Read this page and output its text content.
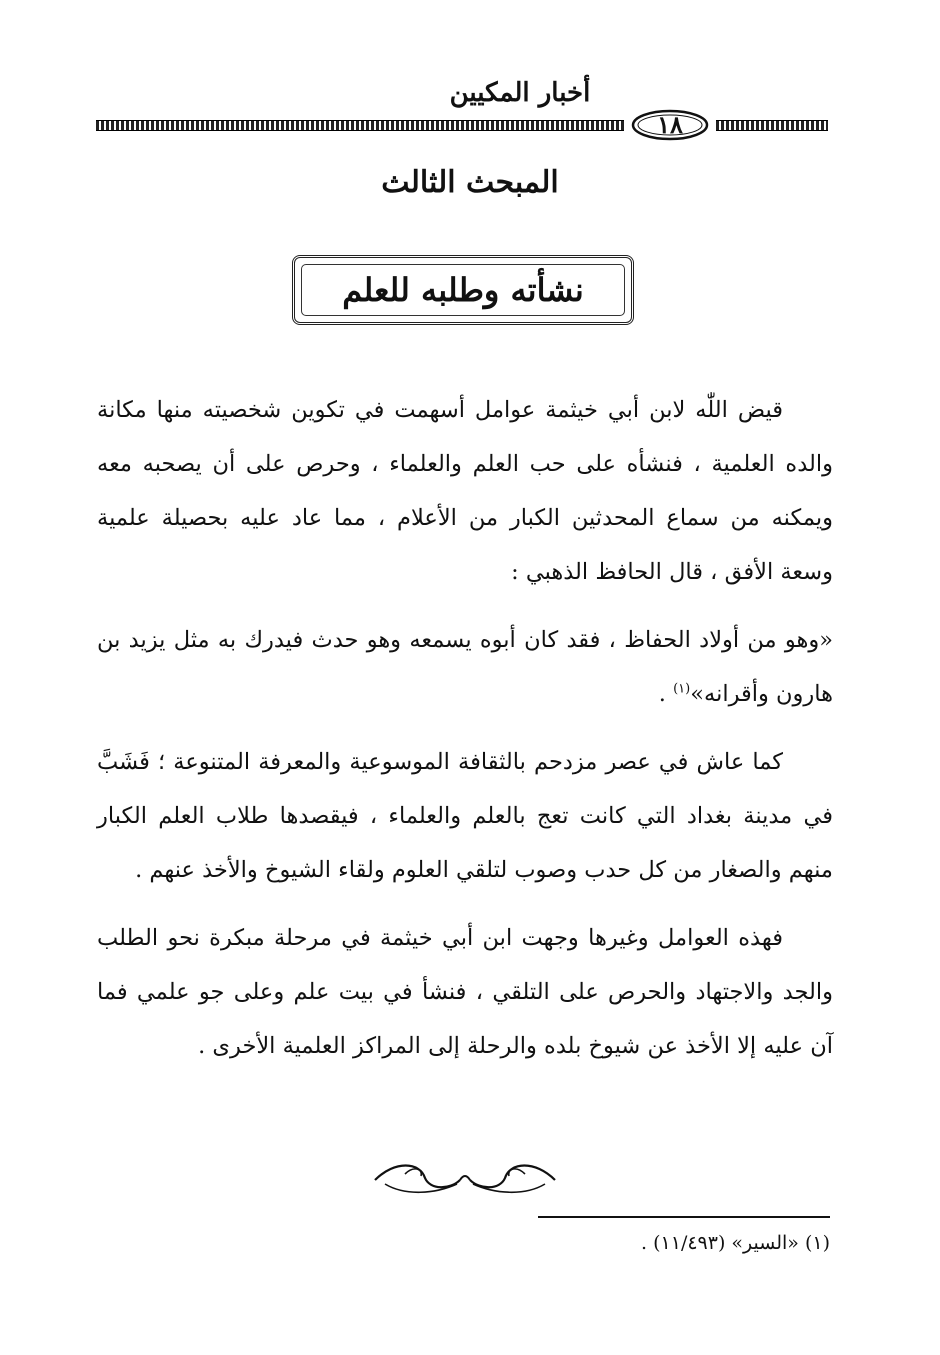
أخبار المكيين
١٨
المبحث الثالث
نشأته وطلبه للعلم

قيض اللّٰه لابن أبي خيثمة عوامل أسهمت في تكوين شخصيته منها مكانة والده العلمية ، فنشأه على حب العلم والعلماء ، وحرص على أن يصحبه معه ويمكنه من سماع المحدثين الكبار من الأعلام ، مما عاد عليه بحصيلة علمية وسعة الأفق ، قال الحافظ الذهبي :

«وهو من أولاد الحفاظ ، فقد كان أبوه يسمعه وهو حدث فيدرك به مثل يزيد بن هارون وأقرانه»$^{(١)}$ .

كما عاش في عصر مزدحم بالثقافة الموسوعية والمعرفة المتنوعة ؛ فَشَبَّ في مدينة بغداد التي كانت تعج بالعلم والعلماء ، فيقصدها طلاب العلم الكبار منهم والصغار من كل حدب وصوب لتلقي العلوم ولقاء الشيوخ والأخذ عنهم .

فهذه العوامل وغيرها وجهت ابن أبي خيثمة في مرحلة مبكرة نحو الطلب والجد والاجتهاد والحرص على التلقي ، فنشأ في بيت علم وعلى جو علمي فما آن عليه إلا الأخذ عن شيوخ بلده والرحلة إلى المراكز العلمية الأخرى .

(١) «السير» (١١/٤٩٣) .
